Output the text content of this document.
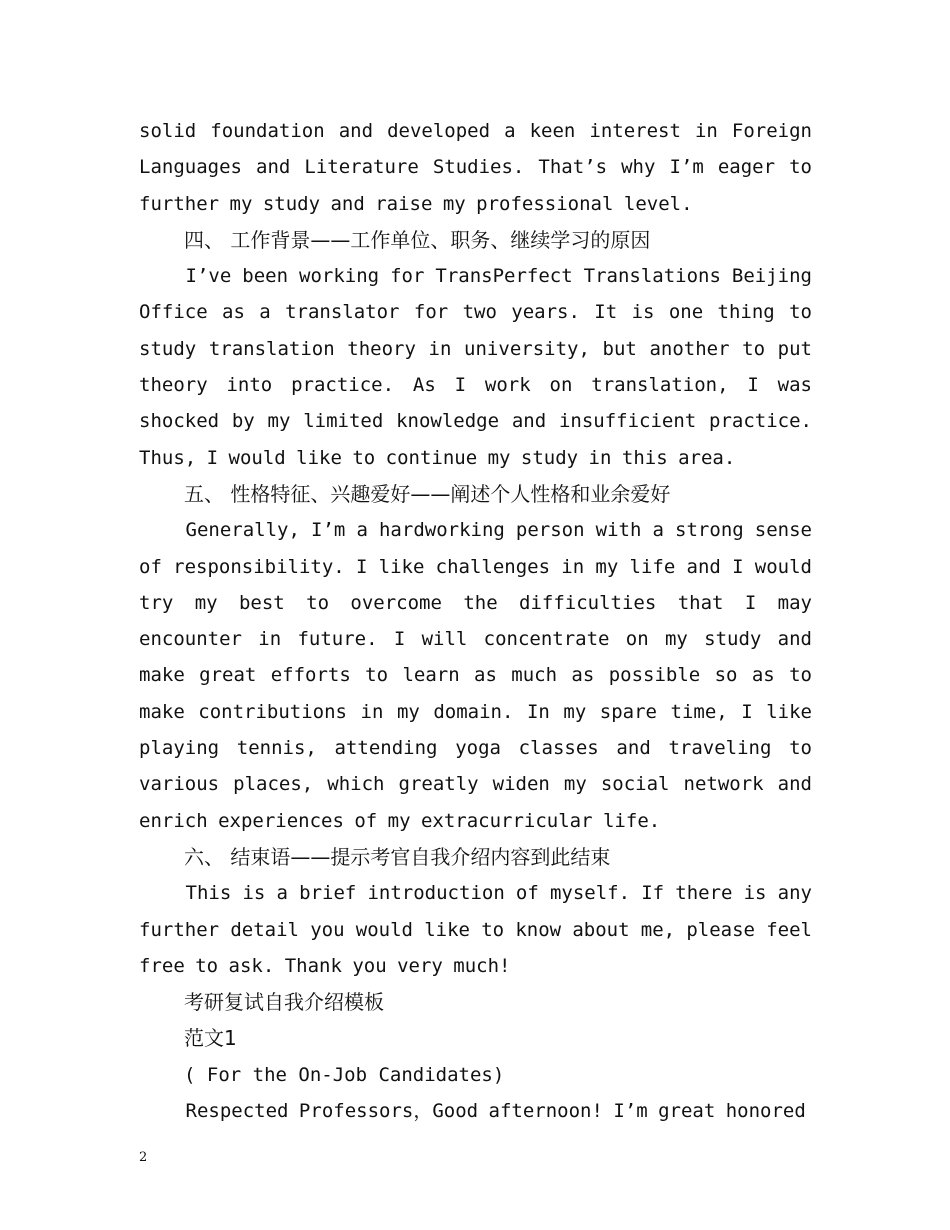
solid foundation and developed a keen interest in Foreign Languages and Literature Studies. That’s why I’m eager to further my study and raise my professional level.

四、 工作背景——工作单位、职务、继续学习的原因

I’ve been working for TransPerfect Translations Beijing Office as a translator for two years. It is one thing to study translation theory in university, but another to put theory into practice. As I work on translation, I was shocked by my limited knowledge and insufficient practice. Thus, I would like to continue my study in this area.

五、 性格特征、兴趣爱好——阐述个人性格和业余爱好

Generally, I’m a hardworking person with a strong sense of responsibility. I like challenges in my life and I would try my best to overcome the difficulties that I may encounter in future. I will concentrate on my study and make great efforts to learn as much as possible so as to make contributions in my domain. In my spare time, I like playing tennis, attending yoga classes and traveling to various places, which greatly widen my social network and enrich experiences of my extracurricular life.

六、 结束语——提示考官自我介绍内容到此结束

This is a brief introduction of myself. If there is any further detail you would like to know about me, please feel free to ask. Thank you very much!

考研复试自我介绍模板

范文1

( For the On-Job Candidates)

Respected Professors，Good afternoon! I’m great honored

2
